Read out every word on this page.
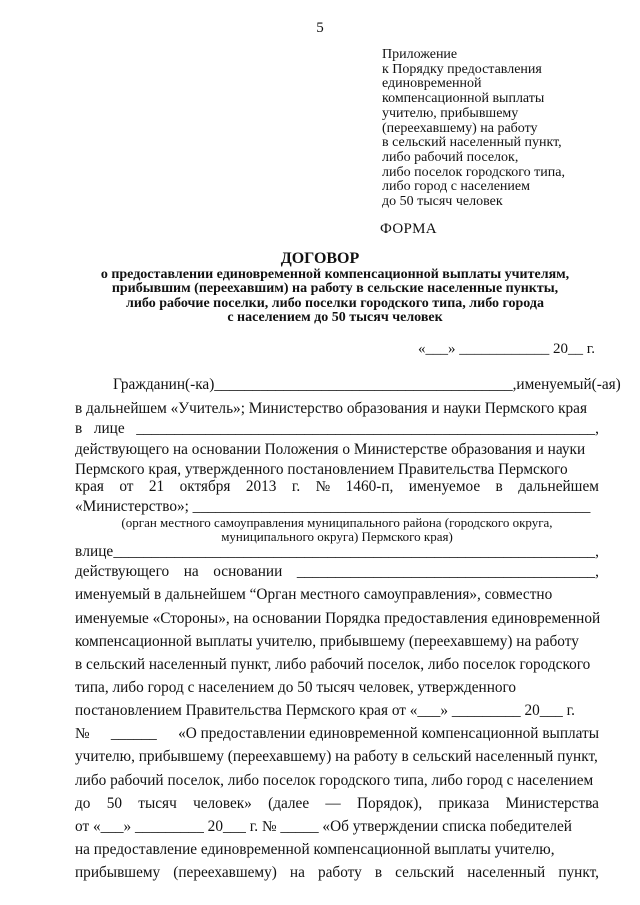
5
Приложение
к Порядку предоставления
единовременной
компенсационной выплаты
учителю, прибывшему
(переехавшему) на работу
в сельский населенный пункт,
либо рабочий поселок,
либо поселок городского типа,
либо город с населением
до 50 тысяч человек
ФОРМА
ДОГОВОР
о предоставлении единовременной компенсационной выплаты учителям,
прибывшим (переехавшим) на работу в сельские населенные пункты,
либо рабочие поселки, либо поселки городского типа, либо города
с населением до 50 тысяч человек
«___» ____________ 20__ г.
Гражданин(-ка) _______________________________________, именуемый(-ая)
в дальнейшем «Учитель»; Министерство образования и науки Пермского края
в лице ____________________________________________________________,
действующего на основании Положения о Министерстве образования и науки
Пермского края, утвержденного постановлением Правительства Пермского
края от 21 октября 2013 г. № 1460-п, именуемое в дальнейшем
«Министерство»; ____________________________________________________
(орган местного самоуправления муниципального района (городского округа,
муниципального округа) Пермского края)
в лице _______________________________________________________________,
действующего на основании _______________________________________,
именуемый в дальнейшем “Орган местного самоуправления», совместно
именуемые «Стороны», на основании Порядка предоставления единовременной
компенсационной выплаты учителю, прибывшему (переехавшему) на работу
в сельский населенный пункт, либо рабочий поселок, либо поселок городского
типа, либо город с населением до 50 тысяч человек, утвержденного
постановлением Правительства Пермского края от «___» _________ 20___ г.
№ ______ «О предоставлении единовременной компенсационной выплаты
учителю, прибывшему (переехавшему) на работу в сельский населенный пункт,
либо рабочий поселок, либо поселок городского типа, либо город с населением
до 50 тысяч человек» (далее — Порядок), приказа Министерства
от «___» _________ 20___ г. № _____ «Об утверждении списка победителей
на предоставление единовременной компенсационной выплаты учителю,
прибывшему (переехавшему) на работу в сельский населенный пункт,
